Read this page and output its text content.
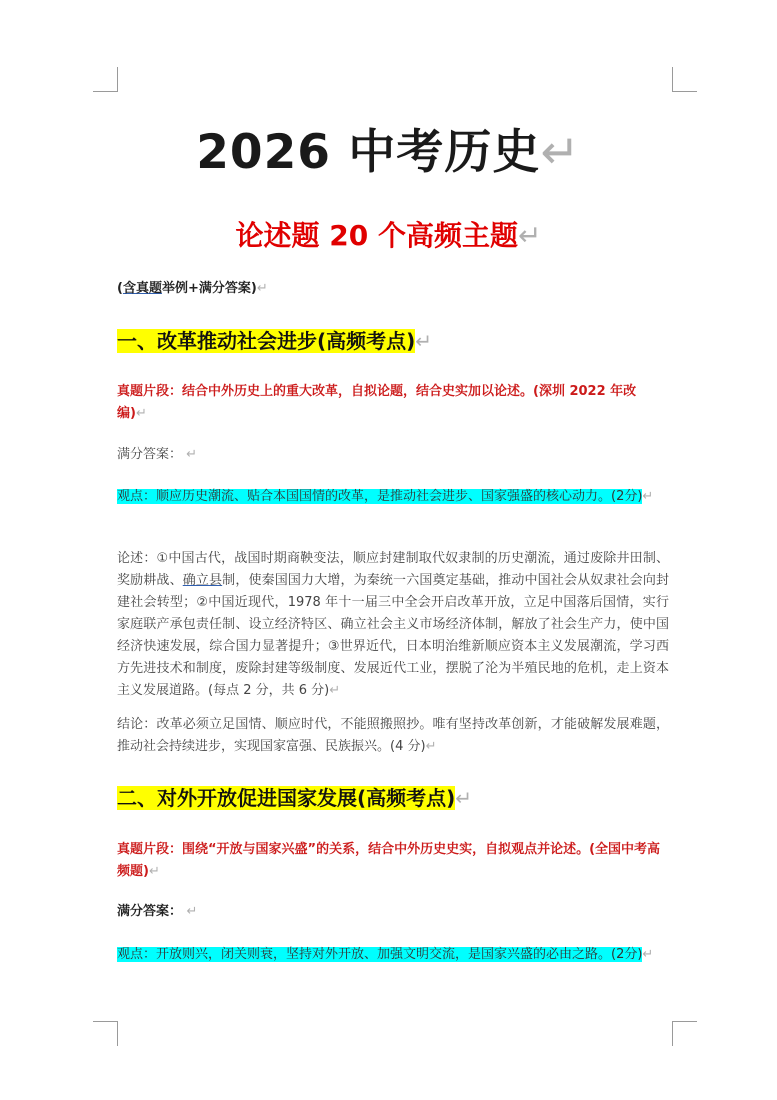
2026 中考历史↵
论述题 20 个高频主题↵
(含真题举例+满分答案)↵
一、改革推动社会进步(高频考点)↵
真题片段：结合中外历史上的重大改革，自拟论题，结合史实加以论述。(深圳 2022 年改编)↵
满分答案： ↵
观点：顺应历史潮流、贴合本国国情的改革，是推动社会进步、国家强盛的核心动力。(2分)↵
论述：①中国古代，战国时期商鞅变法，顺应封建制取代奴隶制的历史潮流，通过废除井田制、奖励耕战、确立县制，使秦国国力大增，为秦统一六国奠定基础，推动中国社会从奴隶社会向封建社会转型；②中国近现代，1978 年十一届三中全会开启改革开放，立足中国落后国情，实行家庭联产承包责任制、设立经济特区、确立社会主义市场经济体制，解放了社会生产力，使中国经济快速发展，综合国力显著提升；③世界近代，日本明治维新顺应资本主义发展潮流，学习西方先进技术和制度，废除封建等级制度、发展近代工业，摆脱了沦为半殖民地的危机，走上资本主义发展道路。(每点 2 分，共 6 分)↵
结论：改革必须立足国情、顺应时代，不能照搬照抄。唯有坚持改革创新，才能破解发展难题，推动社会持续进步，实现国家富强、民族振兴。(4 分)↵
二、对外开放促进国家发展(高频考点)↵
真题片段：围绕“开放与国家兴盛”的关系，结合中外历史史实，自拟观点并论述。(全国中考高频题)↵
满分答案： ↵
观点：开放则兴，闭关则衰，坚持对外开放、加强文明交流，是国家兴盛的必由之路。(2分)↵
